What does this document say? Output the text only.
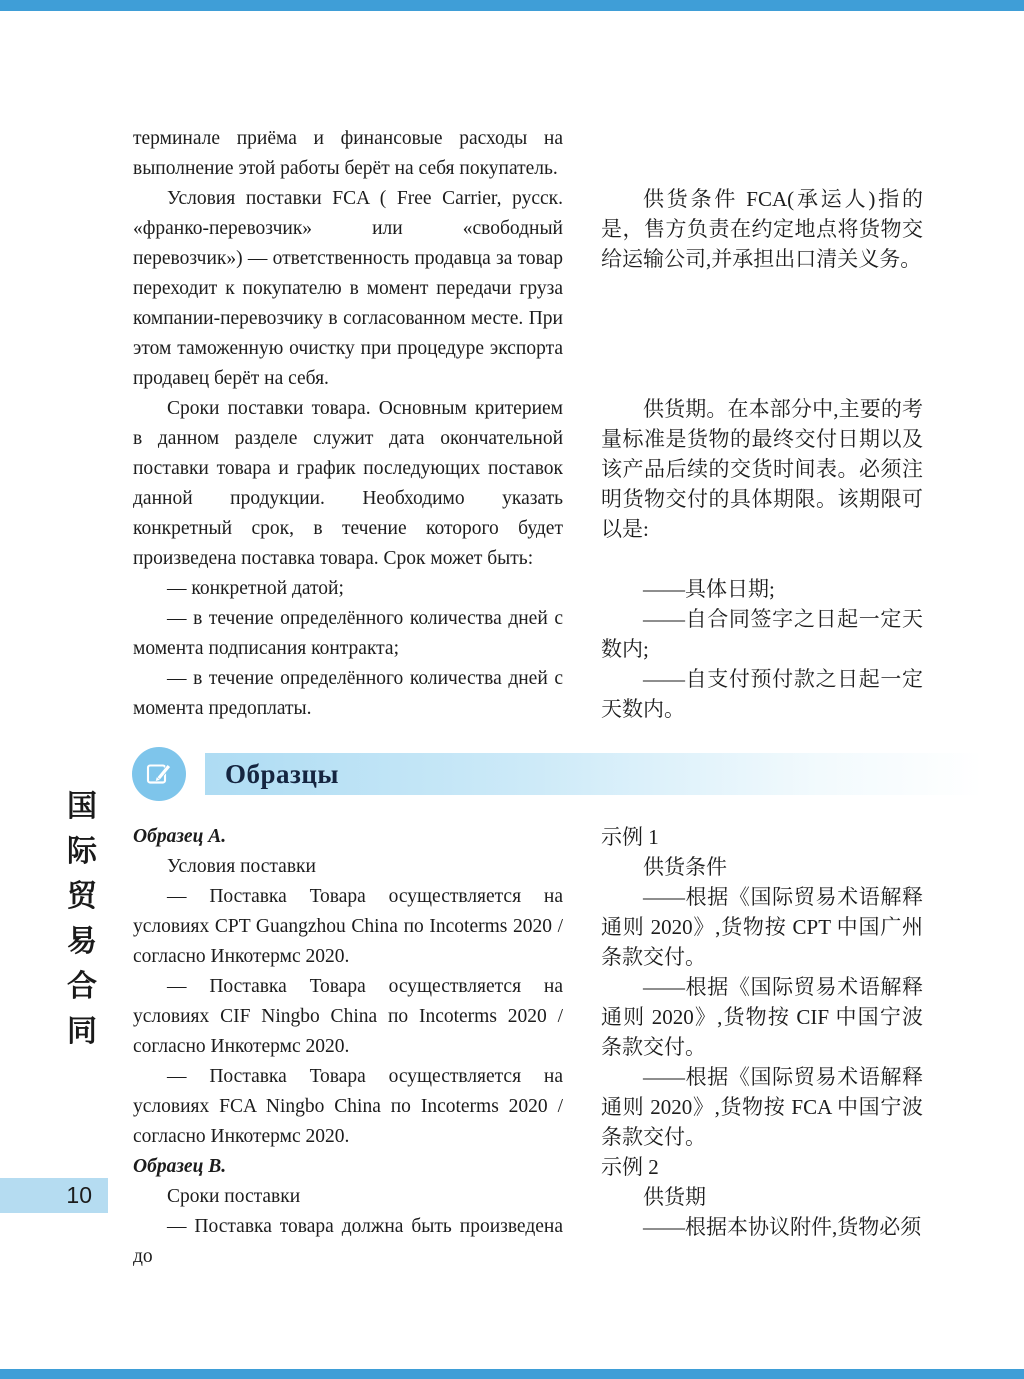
терминале приёма и финансовые расходы на выполнение этой работы берёт на себя покупатель.

Условия поставки FCA ( Free Carrier, русск. «франко-перевозчик» или «свободный перевозчик») — ответственность продавца за товар переходит к покупателю в момент передачи груза компании-перевозчику в согласованном месте. При этом таможенную очистку при процедуре экспорта продавец берёт на себя.

Сроки поставки товара. Основным критерием в данном разделе служит дата окончательной поставки товара и график последующих поставок данной продукции. Необходимо указать конкретный срок, в течение которого будет произведена поставка товара. Срок может быть:

— конкретной датой;

— в течение определённого количества дней с момента подписания контракта;

— в течение определённого количества дней с момента предоплаты.

供货条件 FCA(承运人)指的是，售方负责在约定地点将货物交给运输公司,并承担出口清关义务。

供货期。在本部分中,主要的考量标准是货物的最终交付日期以及该产品后续的交货时间表。必须注明货物交付的具体期限。该期限可以是:

——具体日期;

——自合同签字之日起一定天数内;

——自支付预付款之日起一定天数内。

Образцы

Образец A.

Условия поставки

— Поставка Товара осуществляется на условиях CPT Guangzhou China по Incoterms 2020 / согласно Инкотермс 2020.

— Поставка Товара осуществляется на условиях CIF Ningbo China по Incoterms 2020 / согласно Инкотермс 2020.

— Поставка Товара осуществляется на условиях FCA Ningbo China по Incoterms 2020 / согласно Инкотермс 2020.

Образец B.

Сроки поставки

— Поставка товара должна быть произведена до

示例 1

供货条件

——根据《国际贸易术语解释通则 2020》,货物按 CPT 中国广州条款交付。

——根据《国际贸易术语解释通则 2020》,货物按 CIF 中国宁波条款交付。

——根据《国际贸易术语解释通则 2020》,货物按 FCA 中国宁波条款交付。

示例 2

供货期

——根据本协议附件,货物必须

国
际
贸
易
合
同
10
